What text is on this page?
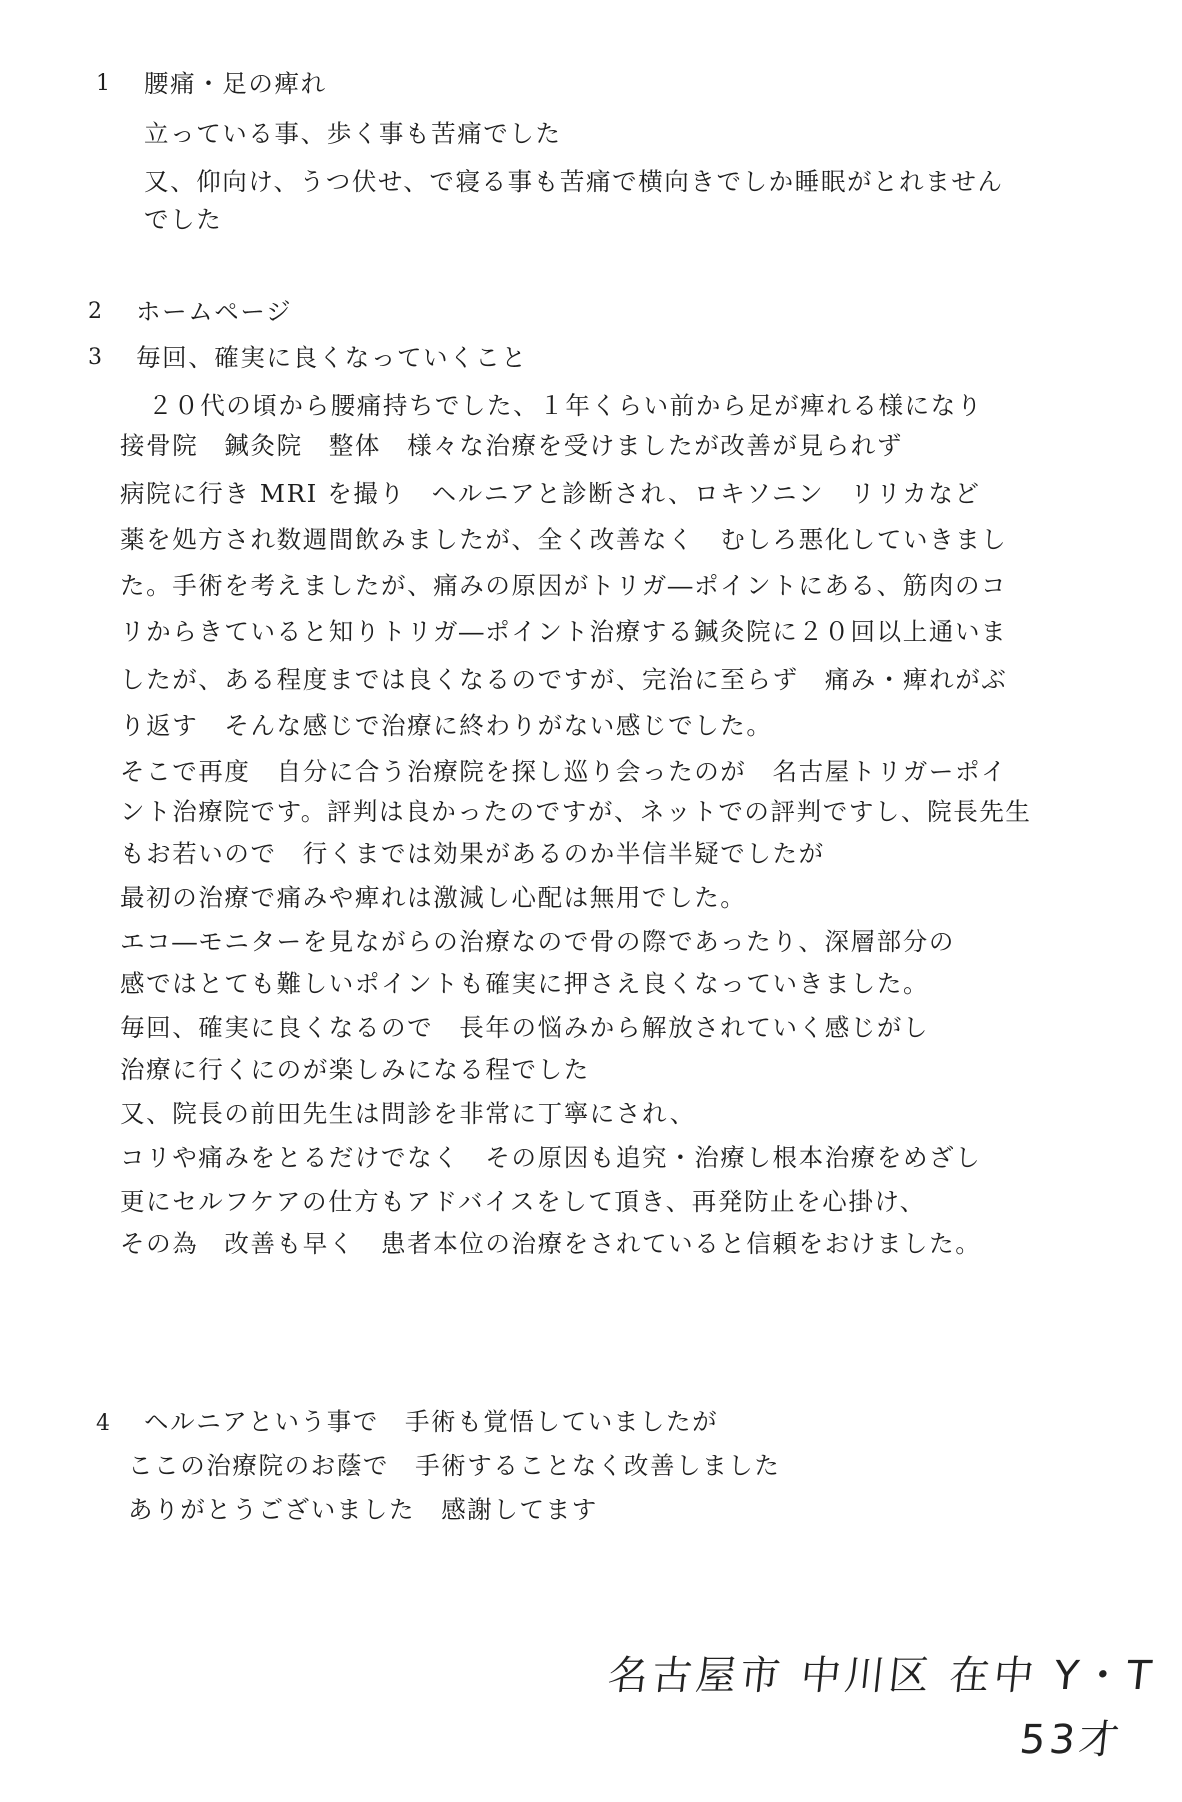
1 腰痛・足の痺れ
立っている事、歩く事も苦痛でした
又、仰向け、うつ伏せ、で寝る事も苦痛で横向きでしか睡眠がとれません
でした
2 ホームページ
3 毎回、確実に良くなっていくこと
２０代の頃から腰痛持ちでした、１年くらい前から足が痺れる様になり
接骨院　鍼灸院　整体　様々な治療を受けましたが改善が見られず
病院に行き MRI を撮り　ヘルニアと診断され、ロキソニン　リリカなど
薬を処方され数週間飲みましたが、全く改善なく　むしろ悪化していきまし
た。手術を考えましたが、痛みの原因がトリガ―ポイントにある、筋肉のコ
リからきていると知りトリガ―ポイント治療する鍼灸院に２０回以上通いま
したが、ある程度までは良くなるのですが、完治に至らず　痛み・痺れがぶ
り返す　そんな感じで治療に終わりがない感じでした。
そこで再度　自分に合う治療院を探し巡り会ったのが　名古屋トリガーポイ
ント治療院です。評判は良かったのですが、ネットでの評判ですし、院長先生
もお若いので　行くまでは効果があるのか半信半疑でしたが
最初の治療で痛みや痺れは激減し心配は無用でした。
エコ―モニターを見ながらの治療なので骨の際であったり、深層部分の
感ではとても難しいポイントも確実に押さえ良くなっていきました。
毎回、確実に良くなるので　長年の悩みから解放されていく感じがし
治療に行くにのが楽しみになる程でした
又、院長の前田先生は問診を非常に丁寧にされ、
コリや痛みをとるだけでなく　その原因も追究・治療し根本治療をめざし
更にセルフケアの仕方もアドバイスをして頂き、再発防止を心掛け、
その為　改善も早く　患者本位の治療をされていると信頼をおけました。
4 ヘルニアという事で　手術も覚悟していましたが
ここの治療院のお蔭で　手術することなく改善しました
ありがとうございました　感謝してます
名古屋市 中川区 在中 Y・T
53才
